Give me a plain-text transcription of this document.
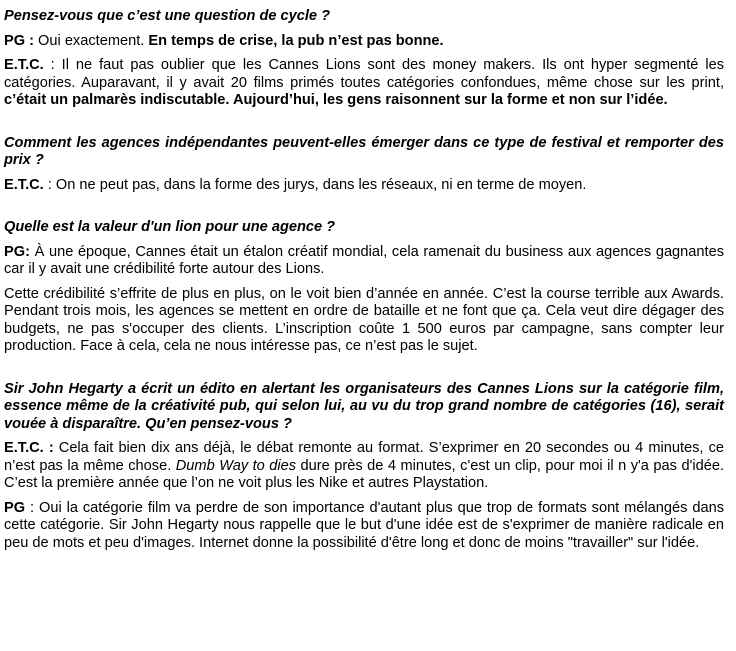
Pensez-vous que c’est une question de cycle ?

PG : Oui exactement. En temps de crise, la pub n’est pas bonne.

E.T.C. : Il ne faut pas oublier que les Cannes Lions sont des money makers. Ils ont hyper segmenté les catégories. Auparavant, il y avait 20 films primés toutes catégories confondues, même chose sur les print, c’était un palmarès indiscutable. Aujourd’hui, les gens raisonnent sur la forme et non sur l’idée.

Comment les agences indépendantes peuvent-elles émerger dans ce type de festival et remporter des prix ?

E.T.C. : On ne peut pas, dans la forme des jurys, dans les réseaux, ni en terme de moyen.

Quelle est la valeur d'un lion pour une agence ?

PG: À une époque, Cannes était un étalon créatif mondial, cela ramenait du business aux agences gagnantes car il y avait une crédibilité forte autour des Lions.

Cette crédibilité s’effrite de plus en plus, on le voit bien d’année en année. C’est la course terrible aux Awards. Pendant trois mois, les agences se mettent en ordre de bataille et ne font que ça. Cela veut dire dégager des budgets, ne pas s'occuper des clients. L’inscription coûte 1 500 euros par campagne, sans compter leur production. Face à cela, cela ne nous intéresse pas, ce n’est pas le sujet.

Sir John Hegarty a écrit un édito en alertant les organisateurs des Cannes Lions sur la catégorie film, essence même de la créativité pub, qui selon lui, au vu du trop grand nombre de catégories (16), serait vouée à disparaître. Qu’en pensez-vous ?

E.T.C. : Cela fait bien dix ans déjà, le débat remonte au format. S’exprimer en 20 secondes ou 4 minutes, ce n’est pas la même chose. Dumb Way to dies dure près de 4 minutes, c'est un clip, pour moi il n y'a pas d'idée. C’est la première année que l’on ne voit plus les Nike et autres Playstation.

PG : Oui la catégorie film va perdre de son importance d'autant plus que trop de formats sont mélangés dans cette catégorie. Sir John Hegarty nous rappelle que le but d'une idée est de s'exprimer de manière radicale en peu de mots et peu d'images. Internet donne la possibilité d'être long et donc de moins "travailler" sur l'idée.
